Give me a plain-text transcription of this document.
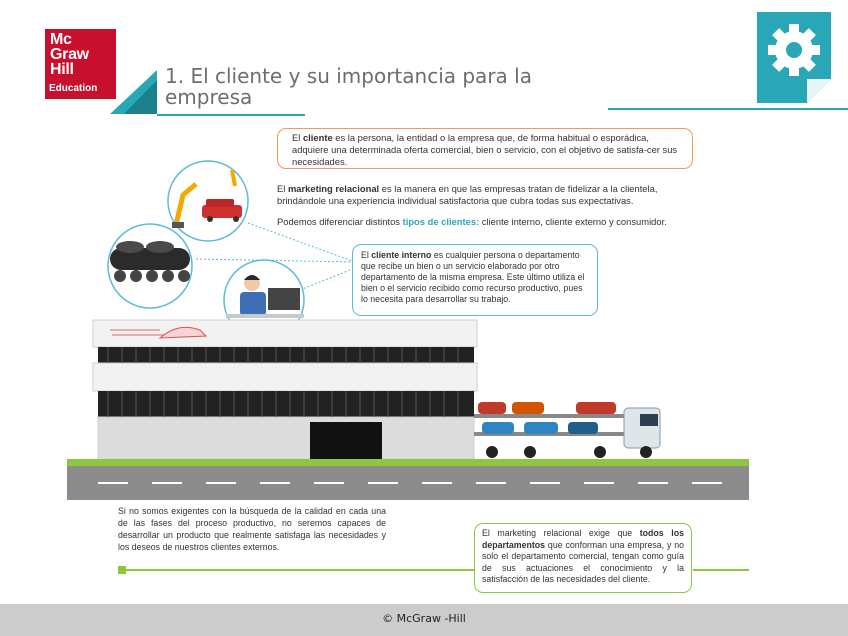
Mc
Graw
Hill
Education
1. El cliente y su importancia para la empresa
El cliente es la persona, la entidad o la empresa que, de forma habitual o esporádica, adquiere una determinada oferta comercial, bien o servicio, con el objetivo de satisfa-cer sus necesidades.
El marketing relacional es la manera en que las empresas tratan de fidelizar a la clientela, brindándole una experiencia individual satisfactoria que cubra todas sus expectativas.
Podemos diferenciar distintos tipos de clientes: cliente interno, cliente externo y consumidor.
El cliente interno es cualquier persona o departamento que recibe un bien o un servicio elaborado por otro departamento de la misma empresa. Este último utiliza el bien o el servicio recibido como recurso productivo, pues lo necesita para desarrollar su trabajo.
Si no somos exigentes con la búsqueda de la calidad en cada una de las fases del proceso productivo, no seremos capaces de desarrollar un producto que realmente satisfaga las necesidades y los deseos de nuestros clientes externos.
El marketing relacional exige que todos los departamentos que conforman una empresa, y no solo el departamento comercial, tengan como guía de sus actuaciones el conocimiento y la satisfacción de las necesidades del cliente.
© McGraw -Hill
